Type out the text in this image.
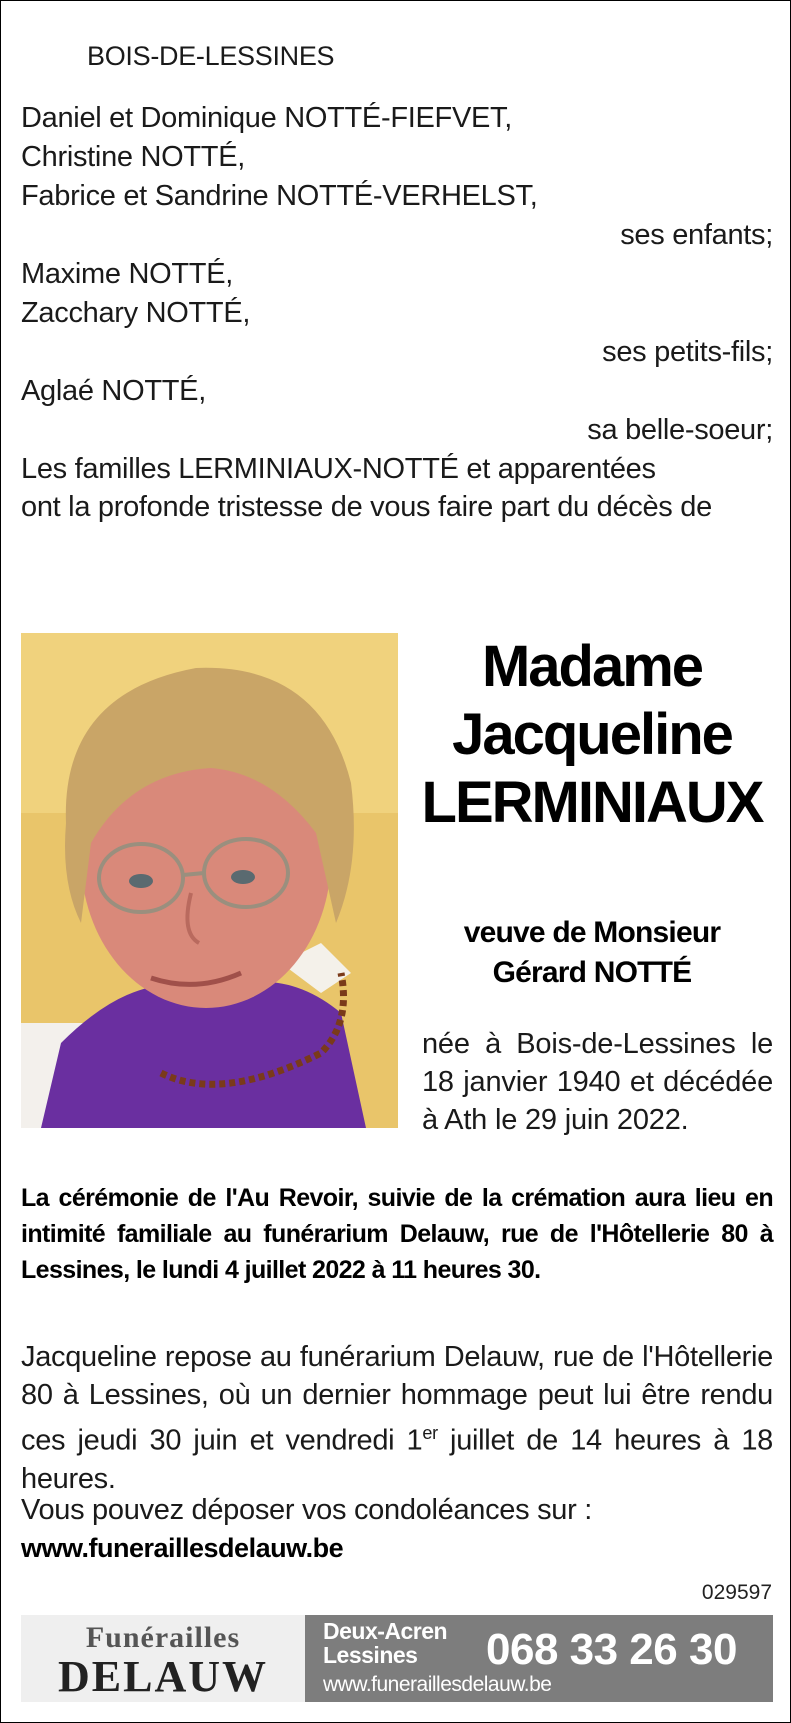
BOIS-DE-LESSINES
Daniel et Dominique NOTTÉ-FIEFVET,
Christine NOTTÉ,
Fabrice et Sandrine NOTTÉ-VERHELST,
ses enfants;
Maxime NOTTÉ,
Zacchary NOTTÉ,
ses petits-fils;
Aglaé NOTTÉ,
sa belle-soeur;
Les familles LERMINIAUX-NOTTÉ et apparentées
ont la profonde tristesse de vous faire part du décès de
Madame
Jacqueline
LERMINIAUX
veuve de Monsieur
Gérard NOTTÉ
née à Bois-de-Lessines le 18 janvier 1940 et décédée à Ath le 29 juin 2022.
La cérémonie de l'Au Revoir, suivie de la crémation aura lieu en intimité familiale au funérarium Delauw, rue de l'Hôtellerie 80 à Lessines, le lundi 4 juillet 2022 à 11 heures 30.
Jacqueline repose au funérarium Delauw, rue de l'Hôtellerie 80 à Lessines, où un dernier hommage peut lui être rendu ces jeudi 30 juin et vendredi 1er juillet de 14 heures à 18 heures.
Vous pouvez déposer vos condoléances sur :
www.funeraillesdelauw.be
029597
Funérailles
DELAUW
Deux-Acren
Lessines	068 33 26 30
www.funeraillesdelauw.be
